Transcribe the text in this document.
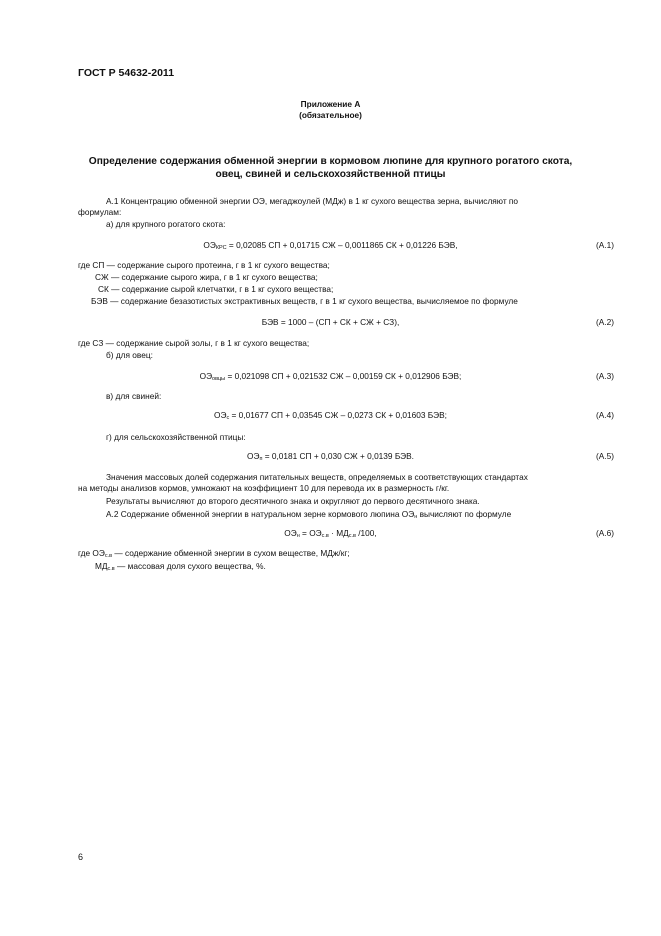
ГОСТ Р 54632-2011
Приложение А
(обязательное)
Определение содержания обменной энергии в кормовом люпине для крупного рогатого скота,
овец, свиней и сельскохозяйственной птицы
А.1 Концентрацию обменной энергии ОЭ, мегаджоулей (МДж) в 1 кг сухого вещества зерна, вычисляют по
формулам:
а) для крупного рогатого скота:
$ОЭ_{КРС} = 0,02085$ СП + 0,01715 СЖ – 0,0011865 СК + 0,01226 БЭВ,	(А.1)
где СП — содержание сырого протеина, г в 1 кг сухого вещества;
СЖ — содержание сырого жира, г в 1 кг сухого вещества;
СК — содержание сырой клетчатки, г в 1 кг сухого вещества;
БЭВ — содержание безазотистых экстрактивных веществ, г в 1 кг сухого вещества, вычисляемое по формуле
БЭВ = 1000 – (СП + СК + СЖ + СЗ),	(А.2)
где СЗ — содержание сырой золы, г в 1 кг сухого вещества;
б) для овец:
$ОЭ_{овцы} = 0,021098$ СП + 0,021532 СЖ – 0,00159 СК + 0,012906 БЭВ;	(А.3)
в) для свиней:
$ОЭ_с = 0,01677$ СП + 0,03545 СЖ – 0,0273 СК + 0,01603 БЭВ;	(А.4)
г) для сельскохозяйственной птицы:
$ОЭ_п = 0,0181$ СП + 0,030 СЖ + 0,0139 БЭВ.	(А.5)
Значения массовых долей содержания питательных веществ, определяемых в соответствующих стандартах
на методы анализов кормов, умножают на коэффициент 10 для перевода их в размерность г/кг.
Результаты вычисляют до второго десятичного знака и округляют до первого десятичного знака.
А.2 Содержание обменной энергии в натуральном зерне кормового люпина $ОЭ_н$ вычисляют по формуле
$ОЭ_н = ОЭ_{с.в} \cdot МД_{с.в}$ /100,	(А.6)
где $ОЭ_{с.в}$ — содержание обменной энергии в сухом веществе, МДж/кг;
$МД_{с.в}$ — массовая доля сухого вещества, %.
6
